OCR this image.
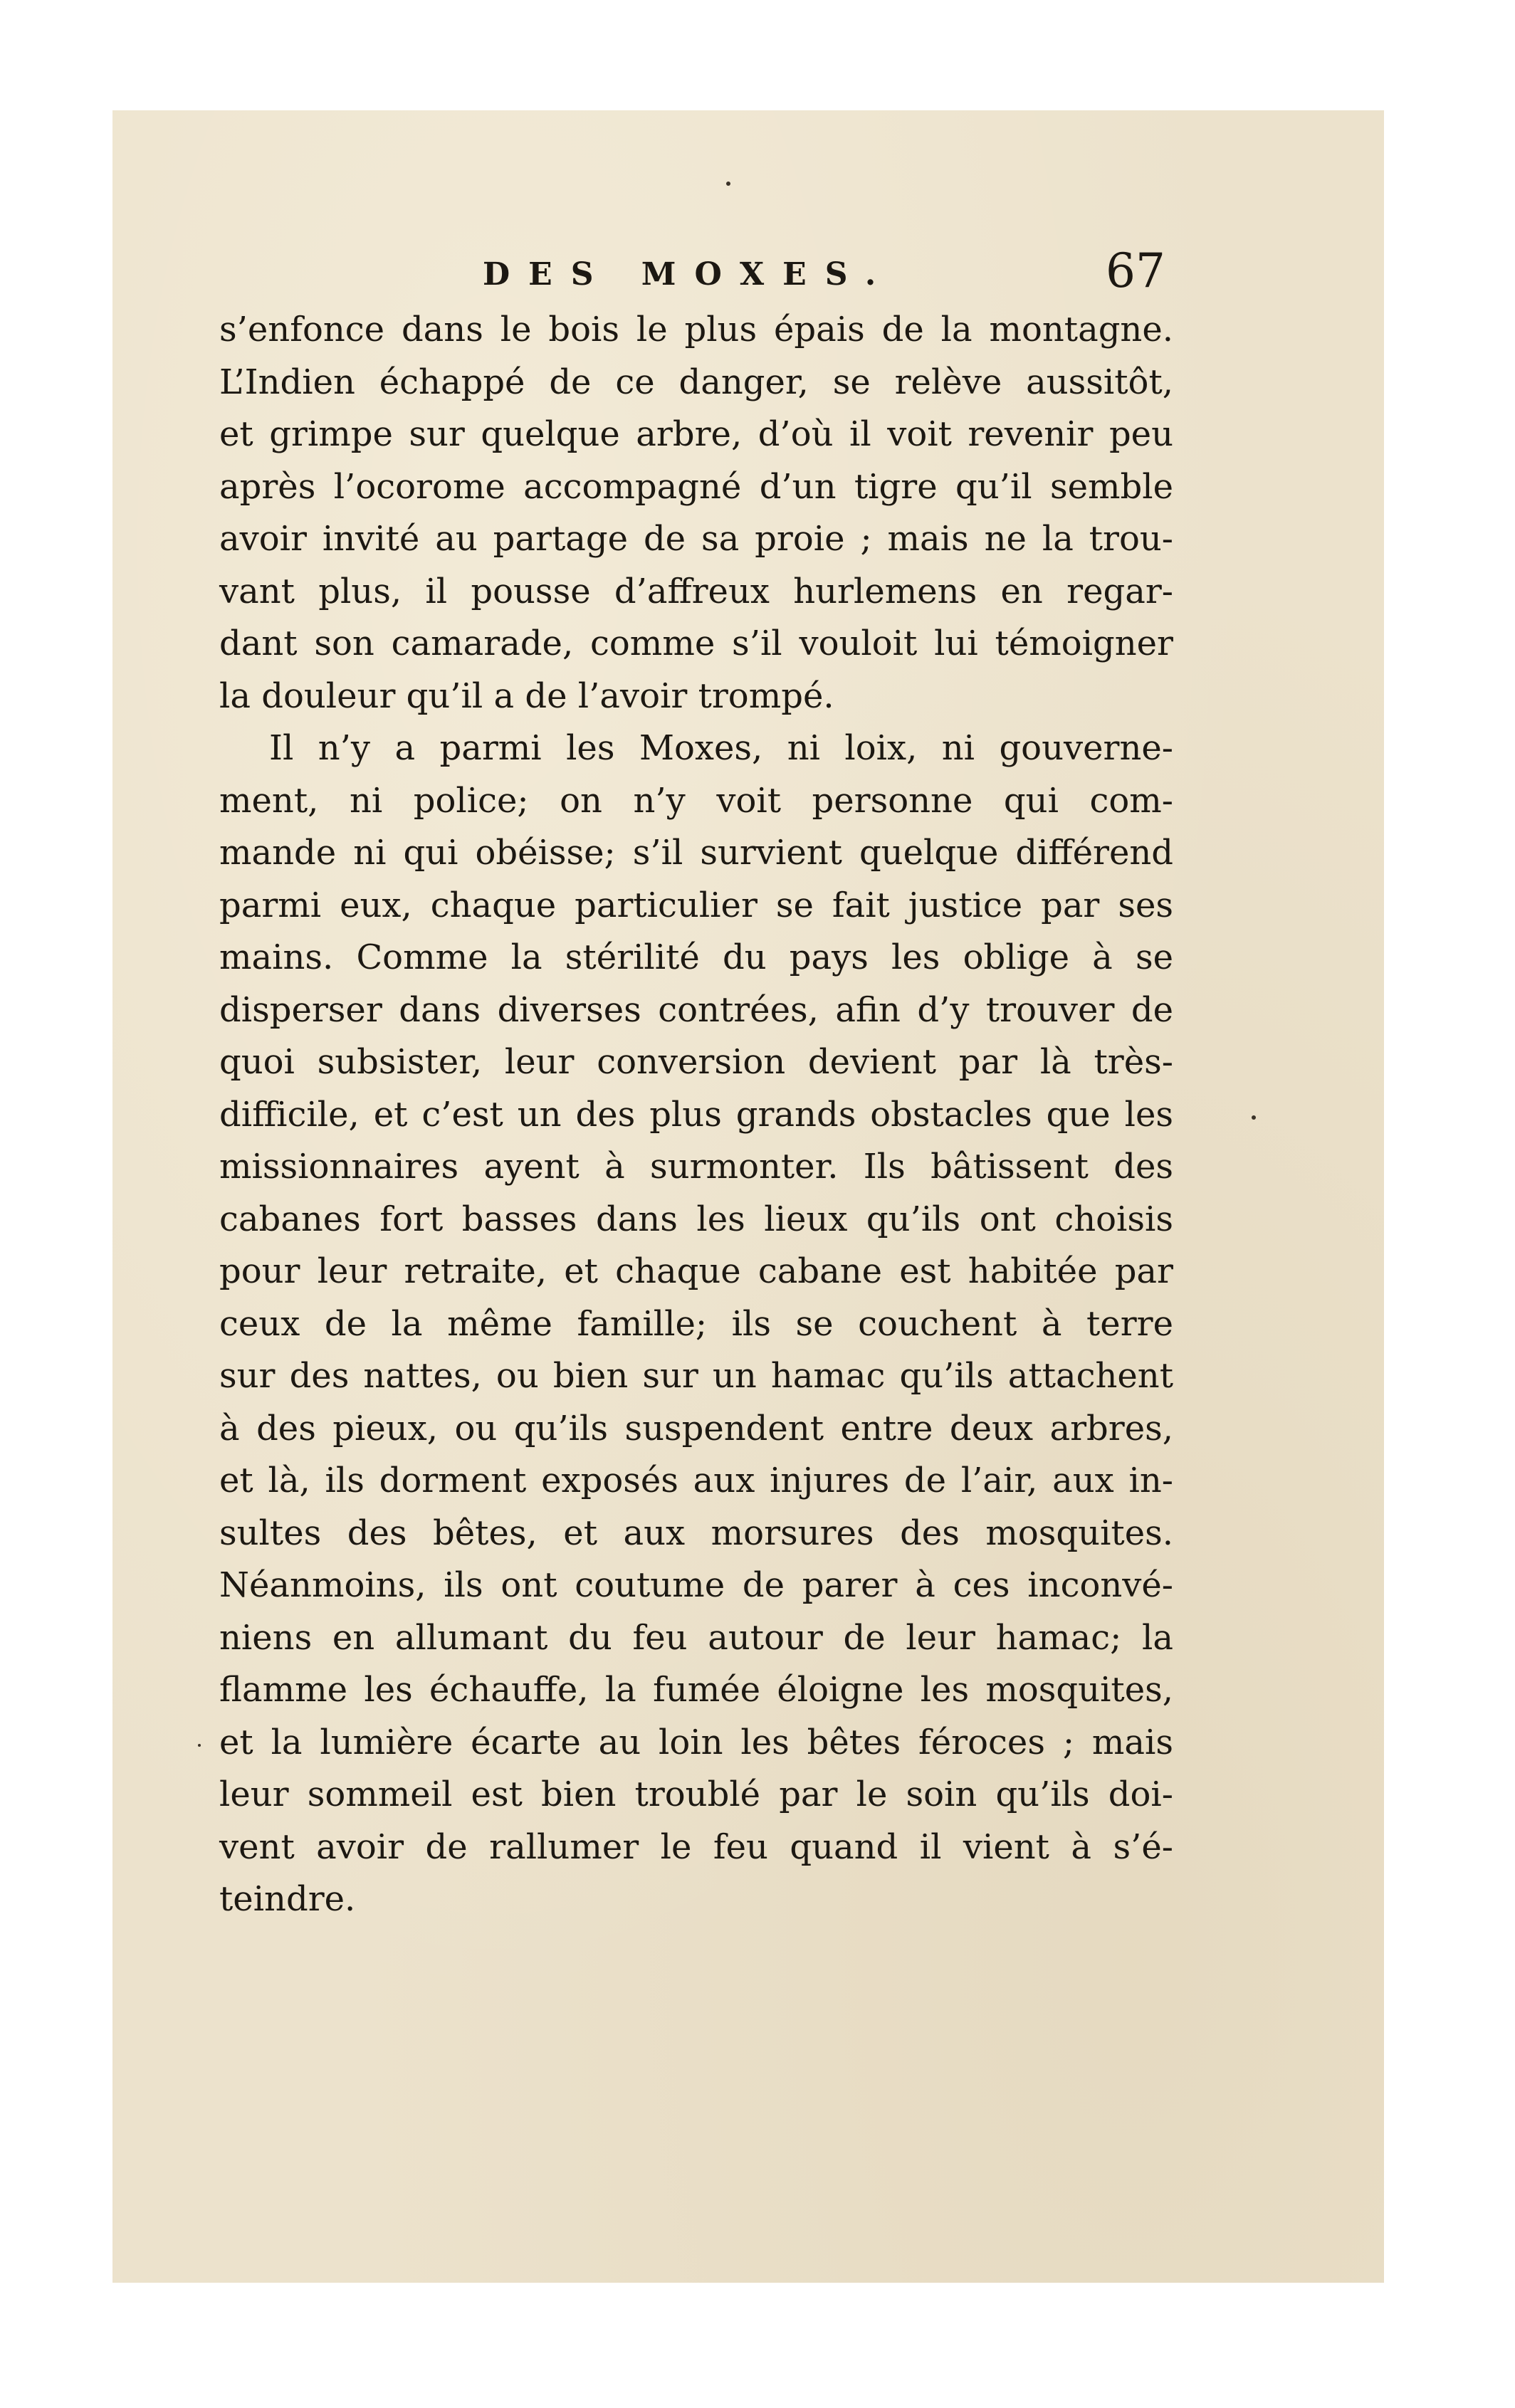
DES MOXES.	67

s’enfonce dans le bois le plus épais de la montagne.
L’Indien échappé de ce danger, se relève aussitôt,
et grimpe sur quelque arbre, d’où il voit revenir peu
après l’ocorome accompagné d’un tigre qu’il semble
avoir invité au partage de sa proie ; mais ne la trou-
vant plus, il pousse d’affreux hurlemens en regar-
dant son camarade, comme s’il vouloit lui témoigner
la douleur qu’il a de l’avoir trompé.

Il n’y a parmi les Moxes, ni loix, ni gouverne-
ment, ni police; on n’y voit personne qui com-
mande ni qui obéisse; s’il survient quelque différend
parmi eux, chaque particulier se fait justice par ses
mains. Comme la stérilité du pays les oblige à se
disperser dans diverses contrées, afin d’y trouver de
quoi subsister, leur conversion devient par là très-
difficile, et c’est un des plus grands obstacles que les
missionnaires ayent à surmonter. Ils bâtissent des
cabanes fort basses dans les lieux qu’ils ont choisis
pour leur retraite, et chaque cabane est habitée par
ceux de la même famille; ils se couchent à terre
sur des nattes, ou bien sur un hamac qu’ils attachent
à des pieux, ou qu’ils suspendent entre deux arbres,
et là, ils dorment exposés aux injures de l’air, aux in-
sultes des bêtes, et aux morsures des mosquites.
Néanmoins, ils ont coutume de parer à ces inconvé-
niens en allumant du feu autour de leur hamac; la
flamme les échauffe, la fumée éloigne les mosquites,
et la lumière écarte au loin les bêtes féroces ; mais
leur sommeil est bien troublé par le soin qu’ils doi-
vent avoir de rallumer le feu quand il vient à s’é-
teindre.
